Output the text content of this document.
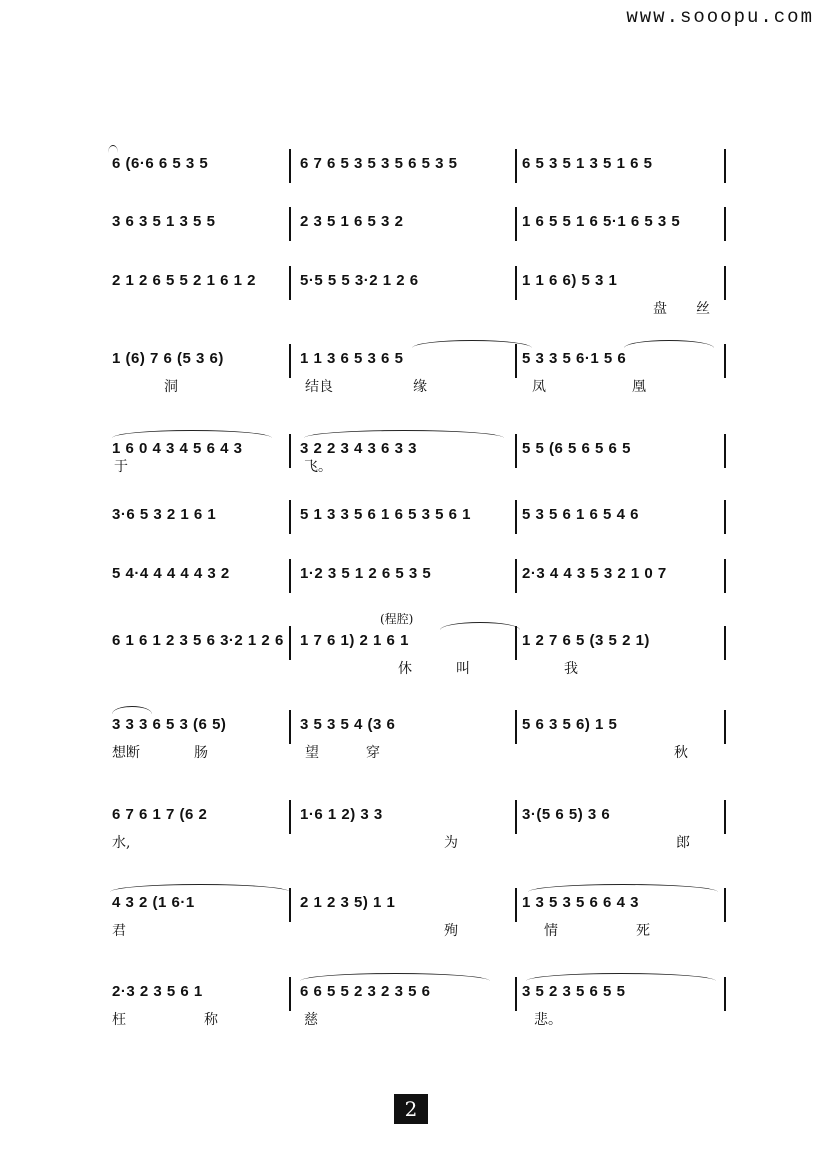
www.sooopu.com
6 (6·6 6 5 3 5	6 7 6 5 3 5 3 5 6 5 3 5	6 5 3 5 1 3 5 1 6 5
3 6 3 5 1 3 5 5	2 3 5 1 6 5 3 2	1 6 5 5 1 6 5·1 6 5 3 5
2 1 2 6 5 5 2 1 6 1 2	5·5 5 5 3·2 1 2 6	1 1 6 6) 5 3 1
盘 丝
1 (6) 7 6 (5 3 6)	1 1 3 6 5 3 6 5	5 3 3 5 6·1 5 6
洞	结良	缘	凤	凰
1 6 0 4 3 4 5 6 4 3	3 2 2 3 4 3 6 3 3	5 5 (6 5 6 5 6 5
于	飞。
3·6 5 3 2 1 6 1	5 1 3 3 5 6 1 6 5 3 5 6 1	5 3 5 6 1 6 5 4 6
5 4·4 4 4 4 4 3 2	1·2 3 5 1 2 6 5 3 5	2·3 4 4 3 5 3 2 1 0 7
(程腔)
6 1 6 1 2 3 5 6 3·2 1 2 6 1 7 6 1) 2 1 6 1	1 2 7 6 5 (3 5 2 1)
休	叫	我
3 3 3 6 5 3 (6 5)	3 5 3 5 4 (3 6	5 6 3 5 6) 1 5
想断	肠	望	穿	秋
6 7 6 1 7 (6 2	1·6 1 2) 3 3	3·(5 6 5) 3 6
水,	为	郎
4 3 2 (1 6·1	2 1 2 3 5) 1 1	1 3 5 3 5 6 6 4 3
君	殉	情	死
2·3 2 3 5 6 1	6 6 5 5 2 3 2 3 5 6	3 5 2 3 5 6 5 5
枉	称	慈	悲。
2
